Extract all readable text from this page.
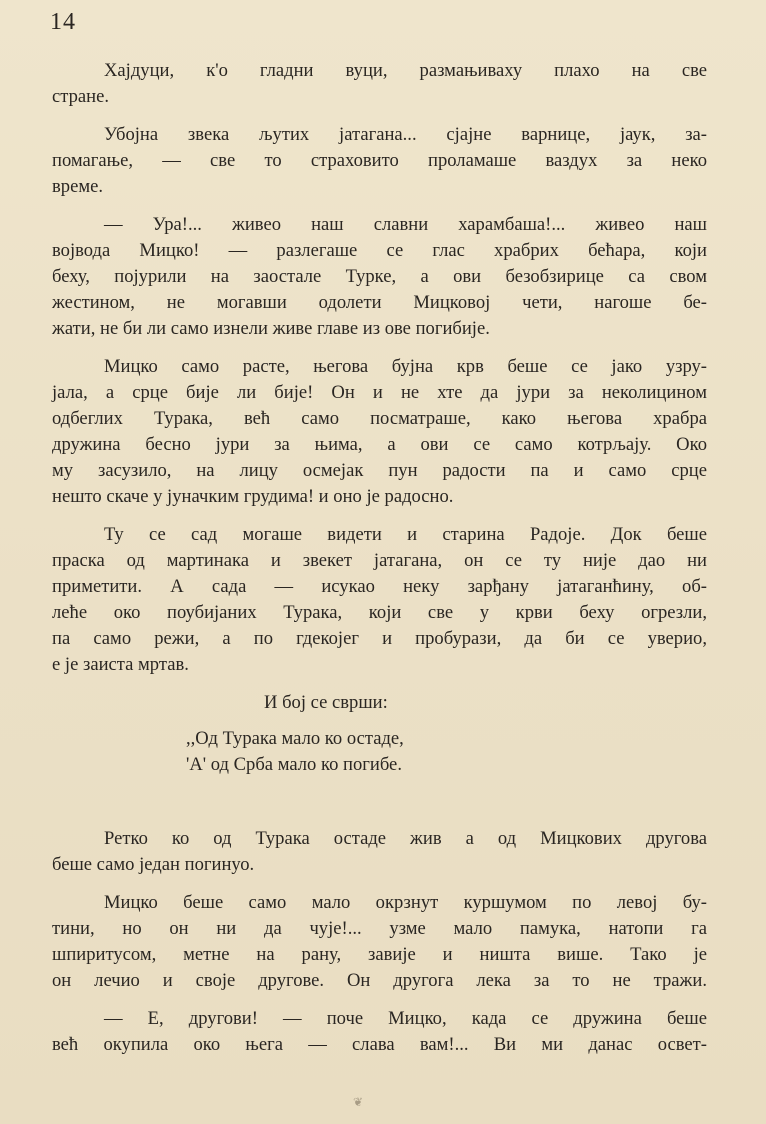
14
Хајдуци, к'о гладни вуци, размањиваху плахо на све
стране.
Убојна звека љутих јатагана... сјајне варнице, јаук, за-
помагање, — све то страховито проламаше ваздух за неко
време.
— Ура!... живео наш славни харамбаша!... живео наш
војвода Мицко! — разлегаше се глас храбрих бећара, који
беху, појурили на заостале Турке, а ови безобзирице са свом
жестином, не могавши одолети Мицковој чети, нагоше бе-
жати, не би ли само изнели живе главе из ове погибије.
Мицко само расте, његова бујна крв беше се јако узру-
јала, а срце бије ли бије! Он и не хте да јури за неколицином
одбеглих Турака, већ само посматраше, како његова храбра
дружина бесно јури за њима, а ови се само котрљају. Око
му засузило, на лицу осмејак пун радости па и само срце
нешто скаче у јуначким грудима! и оно је радосно.
Ту се сад могаше видети и старина Радоје. Док беше
праска од мартинака и звекет јатагана, он се ту није дао ни
приметити. А сада — исукао неку зарђану јатаганћину, об-
леће око поубијаних Турака, који све у крви беху огрезли,
па само режи, а по гдекојег и пробурази, да би се уверио,
е је заиста мртав.
И бој се сврши:
,,Од Турака мало ко остаде,
'А' од Срба мало ко погибе.
Ретко ко од Турака остаде жив а од Мицкових другова
беше само један погинуо.
Мицко беше само мало окрзнут куршумом по левој бу-
тини, но он ни да чује!... узме мало памука, натопи га
шпиритусом, метне на рану, завије и ништа више. Тако је
он лечио и своје другове. Он другога лека за то не тражи.
— Е, другови! — поче Мицко, када се дружина беше
већ окупила око њега — слава вам!... Ви ми данас освет-
❦
